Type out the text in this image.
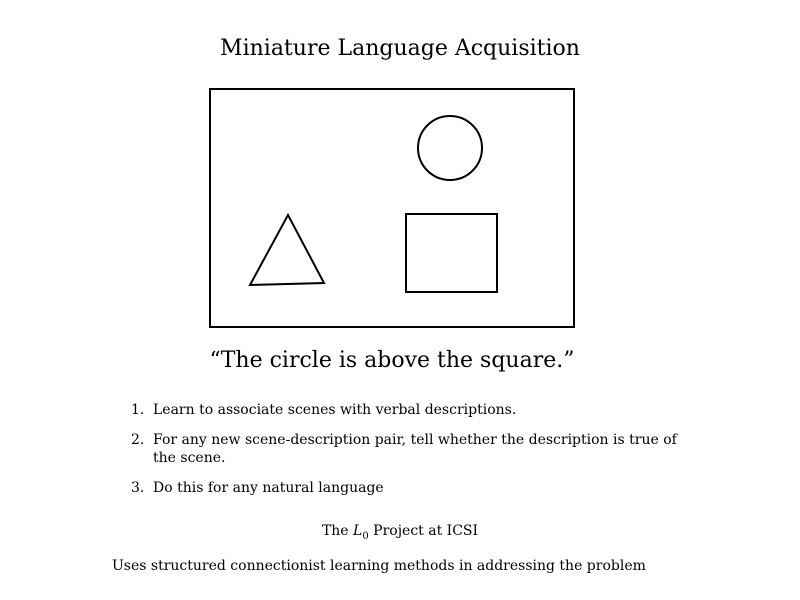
Miniature Language Acquisition
“The circle is above the square.”
1. Learn to associate scenes with verbal descriptions.
2. For any new scene-description pair, tell whether the description is true of the scene.
3. Do this for any natural language
The $L_0$ Project at ICSI
Uses structured connectionist learning methods in addressing the problem
